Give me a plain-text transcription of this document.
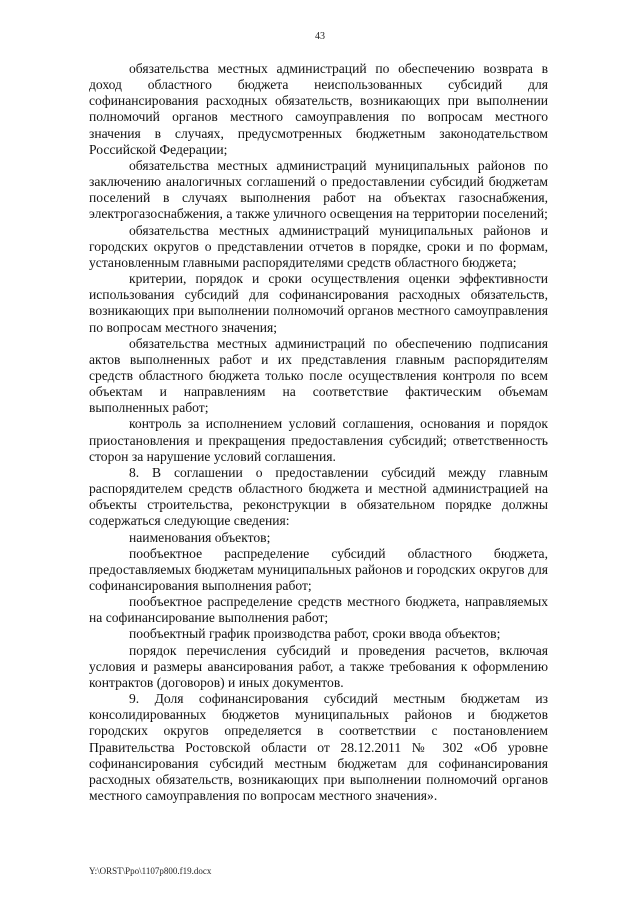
43

обязательства местных администраций по обеспечению возврата в доход областного бюджета неиспользованных субсидий для софинансирования расходных обязательств, возникающих при выполнении полномочий органов местного самоуправления по вопросам местного значения в случаях, предусмотренных бюджетным законодательством Российской Федерации;

обязательства местных администраций муниципальных районов по заключению аналогичных соглашений о предоставлении субсидий бюджетам поселений в случаях выполнения работ на объектах газоснабжения, электрогазоснабжения, а также уличного освещения на территории поселений;

обязательства местных администраций муниципальных районов и городских округов о представлении отчетов в порядке, сроки и по формам, установленным главными распорядителями средств областного бюджета;

критерии, порядок и сроки осуществления оценки эффективности использования субсидий для софинансирования расходных обязательств, возникающих при выполнении полномочий органов местного самоуправления по вопросам местного значения;

обязательства местных администраций по обеспечению подписания актов выполненных работ и их представления главным распорядителям средств областного бюджета только после осуществления контроля по всем объектам и направлениям на соответствие фактическим объемам выполненных работ;

контроль за исполнением условий соглашения, основания и порядок приостановления и прекращения предоставления субсидий; ответственность сторон за нарушение условий соглашения.

8. В соглашении о предоставлении субсидий между главным распорядителем средств областного бюджета и местной администрацией на объекты строительства, реконструкции в обязательном порядке должны содержаться следующие сведения:

наименования объектов;

пообъектное распределение субсидий областного бюджета, предоставляемых бюджетам муниципальных районов и городских округов для софинансирования выполнения работ;

пообъектное распределение средств местного бюджета, направляемых на софинансирование выполнения работ;

пообъектный график производства работ, сроки ввода объектов;

порядок перечисления субсидий и проведения расчетов, включая условия и размеры авансирования работ, а также требования к оформлению контрактов (договоров) и иных документов.

9. Доля софинансирования субсидий местным бюджетам из консолидированных бюджетов муниципальных районов и бюджетов городских округов определяется в соответствии с постановлением Правительства Ростовской области от 28.12.2011 № 302 «Об уровне софинансирования субсидий местным бюджетам для софинансирования расходных обязательств, возникающих при выполнении полномочий органов местного самоуправления по вопросам местного значения».

Y:\ORST\Ppo\1107p800.f19.docx
